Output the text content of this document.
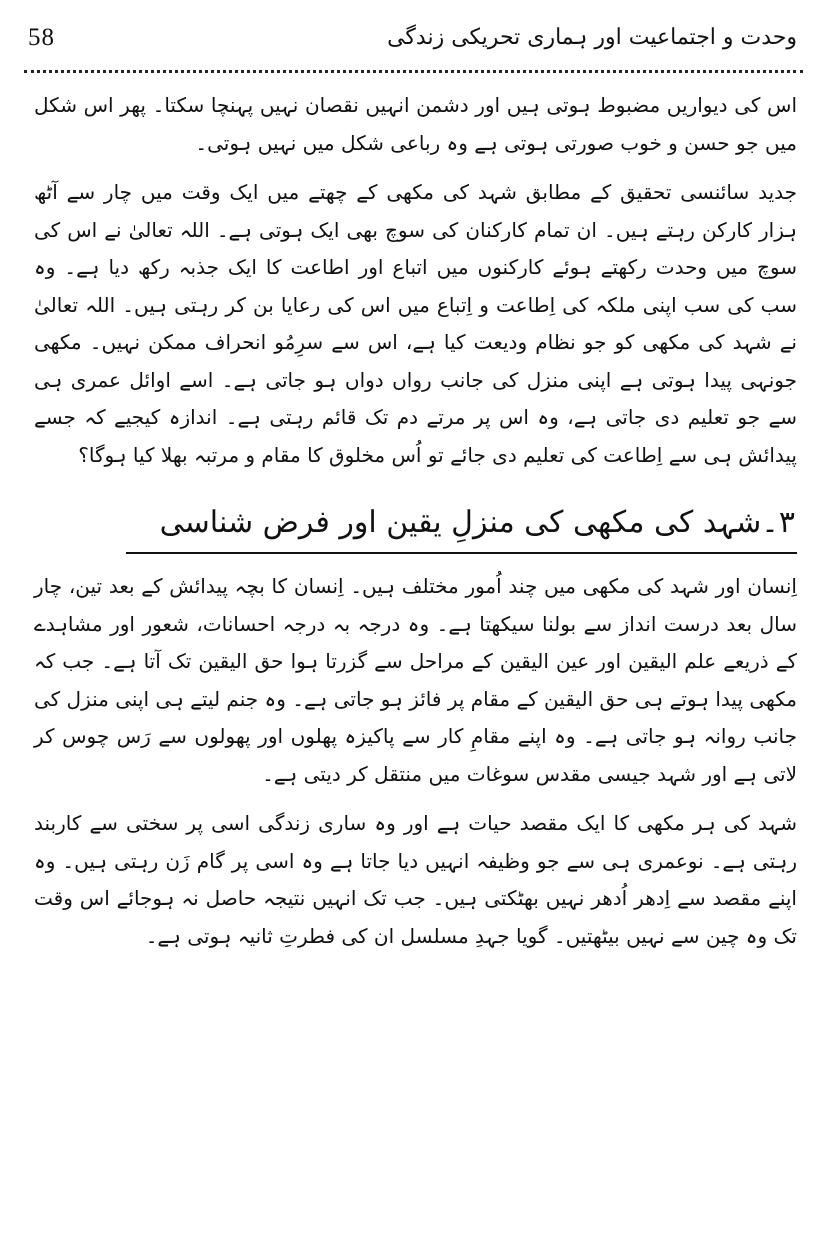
58	وحدت و اجتماعیت اور ہماری تحریکی زندگی

اس کی دیواریں مضبوط ہوتی ہیں اور دشمن انہیں نقصان نہیں پہنچا سکتا۔ پھر اس شکل میں جو حسن و خوب صورتی ہوتی ہے وہ رباعی شکل میں نہیں ہوتی۔

جدید سائنسی تحقیق کے مطابق شہد کی مکھی کے چھتے میں ایک وقت میں چار سے آٹھ ہزار کارکن رہتے ہیں۔ ان تمام کارکنان کی سوچ بھی ایک ہوتی ہے۔ اللہ تعالیٰ نے اس کی سوچ میں وحدت رکھتے ہوئے کارکنوں میں اتباع اور اطاعت کا ایک جذبہ رکھ دیا ہے۔ وہ سب کی سب اپنی ملکہ کی اِطاعت و اِتباع میں اس کی رعایا بن کر رہتی ہیں۔ اللہ تعالیٰ نے شہد کی مکھی کو جو نظام ودیعت کیا ہے، اس سے سرِمُو انحراف ممکن نہیں۔ مکھی جونہی پیدا ہوتی ہے اپنی منزل کی جانب رواں دواں ہو جاتی ہے۔ اسے اوائل عمری ہی سے جو تعلیم دی جاتی ہے، وہ اس پر مرتے دم تک قائم رہتی ہے۔ اندازہ کیجیے کہ جسے پیدائش ہی سے اِطاعت کی تعلیم دی جائے تو اُس مخلوق کا مقام و مرتبہ بھلا کیا ہوگا؟

۳۔شہد کی مکھی کی منزلِ یقین اور فرض شناسی

اِنسان اور شہد کی مکھی میں چند اُمور مختلف ہیں۔ اِنسان کا بچہ پیدائش کے بعد تین، چار سال بعد درست انداز سے بولنا سیکھتا ہے۔ وہ درجہ بہ درجہ احسانات، شعور اور مشاہدے کے ذریعے علم الیقین اور عین الیقین کے مراحل سے گزرتا ہوا حق الیقین تک آتا ہے۔ جب کہ مکھی پیدا ہوتے ہی حق الیقین کے مقام پر فائز ہو جاتی ہے۔ وہ جنم لیتے ہی اپنی منزل کی جانب روانہ ہو جاتی ہے۔ وہ اپنے مقامِ کار سے پاکیزہ پھلوں اور پھولوں سے رَس چوس کر لاتی ہے اور شہد جیسی مقدس سوغات میں منتقل کر دیتی ہے۔

شہد کی ہر مکھی کا ایک مقصد حیات ہے اور وہ ساری زندگی اسی پر سختی سے کاربند رہتی ہے۔ نوعمری ہی سے جو وظیفہ انہیں دیا جاتا ہے وہ اسی پر گام زَن رہتی ہیں۔ وہ اپنے مقصد سے اِدھر اُدھر نہیں بھٹکتی ہیں۔ جب تک انہیں نتیجہ حاصل نہ ہوجائے اس وقت تک وہ چین سے نہیں بیٹھتیں۔ گویا جہدِ مسلسل ان کی فطرتِ ثانیہ ہوتی ہے۔
